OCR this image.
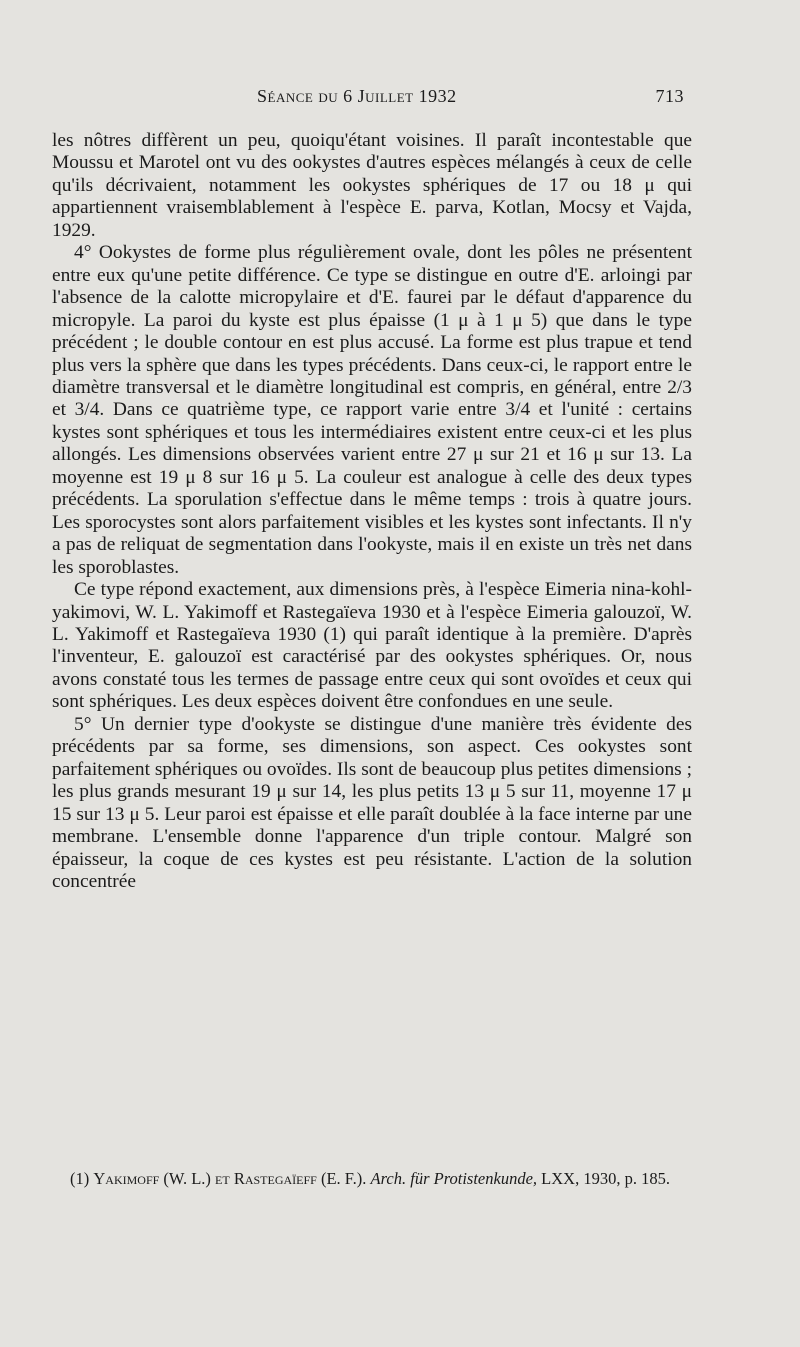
Séance du 6 Juillet 1932	713

les nôtres diffèrent un peu, quoiqu'étant voisines. Il paraît incontestable que Moussu et Marotel ont vu des ookystes d'autres espèces mélangés à ceux de celle qu'ils décrivaient, notamment les ookystes sphériques de 17 ou 18 μ qui appartiennent vraisemblablement à l'espèce E. parva, Kotlan, Mocsy et Vajda, 1929.

4° Ookystes de forme plus régulièrement ovale, dont les pôles ne présentent entre eux qu'une petite différence. Ce type se distingue en outre d'E. arloingi par l'absence de la calotte micropylaire et d'E. faurei par le défaut d'apparence du micropyle. La paroi du kyste est plus épaisse (1 μ à 1 μ 5) que dans le type précédent ; le double contour en est plus accusé. La forme est plus trapue et tend plus vers la sphère que dans les types précédents. Dans ceux-ci, le rapport entre le diamètre transversal et le diamètre longitudinal est compris, en général, entre 2/3 et 3/4. Dans ce quatrième type, ce rapport varie entre 3/4 et l'unité : certains kystes sont sphériques et tous les intermédiaires existent entre ceux-ci et les plus allongés. Les dimensions observées varient entre 27 μ sur 21 et 16 μ sur 13. La moyenne est 19 μ 8 sur 16 μ 5. La couleur est analogue à celle des deux types précédents. La sporulation s'effectue dans le même temps : trois à quatre jours. Les sporocystes sont alors parfaitement visibles et les kystes sont infectants. Il n'y a pas de reliquat de segmentation dans l'ookyste, mais il en existe un très net dans les sporoblastes.

Ce type répond exactement, aux dimensions près, à l'espèce Eimeria nina-kohl-yakimovi, W. L. Yakimoff et Rastegaïeva 1930 et à l'espèce Eimeria galouzoï, W. L. Yakimoff et Rastegaïeva 1930 (1) qui paraît identique à la première. D'après l'inventeur, E. galouzoï est caractérisé par des ookystes sphériques. Or, nous avons constaté tous les termes de passage entre ceux qui sont ovoïdes et ceux qui sont sphériques. Les deux espèces doivent être confondues en une seule.

5° Un dernier type d'ookyste se distingue d'une manière très évidente des précédents par sa forme, ses dimensions, son aspect. Ces ookystes sont parfaitement sphériques ou ovoïdes. Ils sont de beaucoup plus petites dimensions ; les plus grands mesurant 19 μ sur 14, les plus petits 13 μ 5 sur 11, moyenne 17 μ 15 sur 13 μ 5. Leur paroi est épaisse et elle paraît doublée à la face interne par une membrane. L'ensemble donne l'apparence d'un triple contour. Malgré son épaisseur, la coque de ces kystes est peu résistante. L'action de la solution concentrée

(1) Yakimoff (W. L.) et Rastegaïeff (E. F.). Arch. für Protistenkunde, LXX, 1930, p. 185.
